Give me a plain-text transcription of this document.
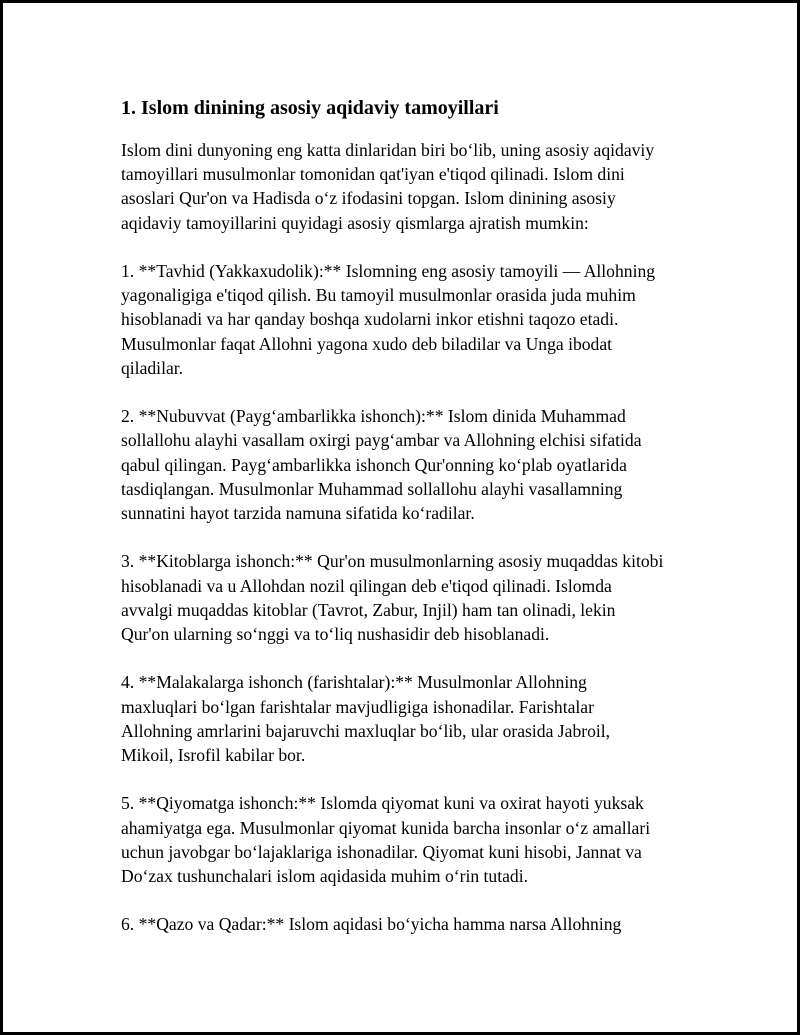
1. Islom dinining asosiy aqidaviy tamoyillari

Islom dini dunyoning eng katta dinlaridan biri bo‘lib, uning asosiy aqidaviy
tamoyillari musulmonlar tomonidan qat'iyan e'tiqod qilinadi. Islom dini
asoslari Qur'on va Hadisda o‘z ifodasini topgan. Islom dinining asosiy
aqidaviy tamoyillarini quyidagi asosiy qismlarga ajratish mumkin:

1. **Tavhid (Yakkaxudolik):** Islomning eng asosiy tamoyili — Allohning
yagonaligiga e'tiqod qilish. Bu tamoyil musulmonlar orasida juda muhim
hisoblanadi va har qanday boshqa xudolarni inkor etishni taqozo etadi.
Musulmonlar faqat Allohni yagona xudo deb biladilar va Unga ibodat
qiladilar.

2. **Nubuvvat (Payg‘ambarlikka ishonch):** Islom dinida Muhammad
sollallohu alayhi vasallam oxirgi payg‘ambar va Allohning elchisi sifatida
qabul qilingan. Payg‘ambarlikka ishonch Qur'onning ko‘plab oyatlarida
tasdiqlangan. Musulmonlar Muhammad sollallohu alayhi vasallamning
sunnatini hayot tarzida namuna sifatida ko‘radilar.

3. **Kitoblarga ishonch:** Qur'on musulmonlarning asosiy muqaddas kitobi
hisoblanadi va u Allohdan nozil qilingan deb e'tiqod qilinadi. Islomda
avvalgi muqaddas kitoblar (Tavrot, Zabur, Injil) ham tan olinadi, lekin
Qur'on ularning so‘nggi va to‘liq nushasidir deb hisoblanadi.

4. **Malakalarga ishonch (farishtalar):** Musulmonlar Allohning
maxluqlari bo‘lgan farishtalar mavjudligiga ishonadilar. Farishtalar
Allohning amrlarini bajaruvchi maxluqlar bo‘lib, ular orasida Jabroil,
Mikoil, Isrofil kabilar bor.

5. **Qiyomatga ishonch:** Islomda qiyomat kuni va oxirat hayoti yuksak
ahamiyatga ega. Musulmonlar qiyomat kunida barcha insonlar o‘z amallari
uchun javobgar bo‘lajaklariga ishonadilar. Qiyomat kuni hisobi, Jannat va
Do‘zax tushunchalari islom aqidasida muhim o‘rin tutadi.

6. **Qazo va Qadar:** Islom aqidasi bo‘yicha hamma narsa Allohning
